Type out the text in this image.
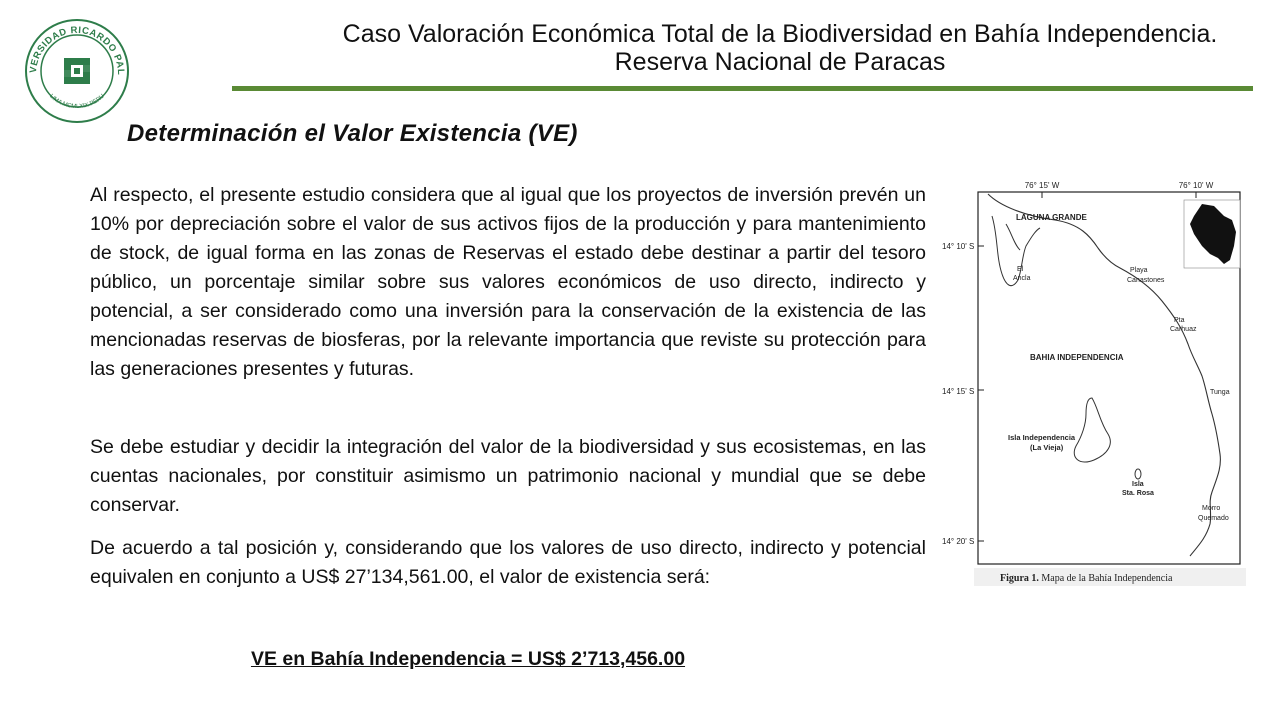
VERSIDAD RICARDO PAL
LIMA MCMLXIX PERU
Caso Valoración Económica Total de la Biodiversidad en Bahía Independencia.
Reserva Nacional de Paracas
Determinación el Valor Existencia (VE)

Al respecto, el presente estudio considera que al igual que los proyectos de inversión prevén un 10% por depreciación sobre el valor de sus activos fijos de la producción y para mantenimiento de stock, de igual forma en las zonas de Reservas el estado debe destinar a partir del tesoro público, un porcentaje similar sobre sus valores económicos de uso directo, indirecto y potencial, a ser considerado como una inversión para la conservación de la existencia de las mencionadas reservas de biosferas, por la relevante importancia que reviste su protección para las generaciones presentes y futuras.

Se debe estudiar y decidir la integración del valor de la biodiversidad y sus ecosistemas, en las cuentas nacionales, por constituir asimismo un patrimonio nacional y mundial que se debe conservar.

De acuerdo a tal posición y, considerando que los valores de uso directo, indirecto y potencial equivalen en conjunto a US$ 27’134,561.00, el valor de existencia será:

VE en Bahía Independencia = US$ 2’713,456.00
76° 15' W	76° 10' W
14° 10' S
14° 15' S
14° 20' S
LAGUNA GRANDE
El
Ancla
Playa
Canastones
Pta
Carhuaz
BAHIA INDEPENDENCIA
Tunga
Isla Independencia
(La Vieja)
Isla
Sta. Rosa
Morro
Quemado
Figura 1. Mapa de la Bahía Independencia
